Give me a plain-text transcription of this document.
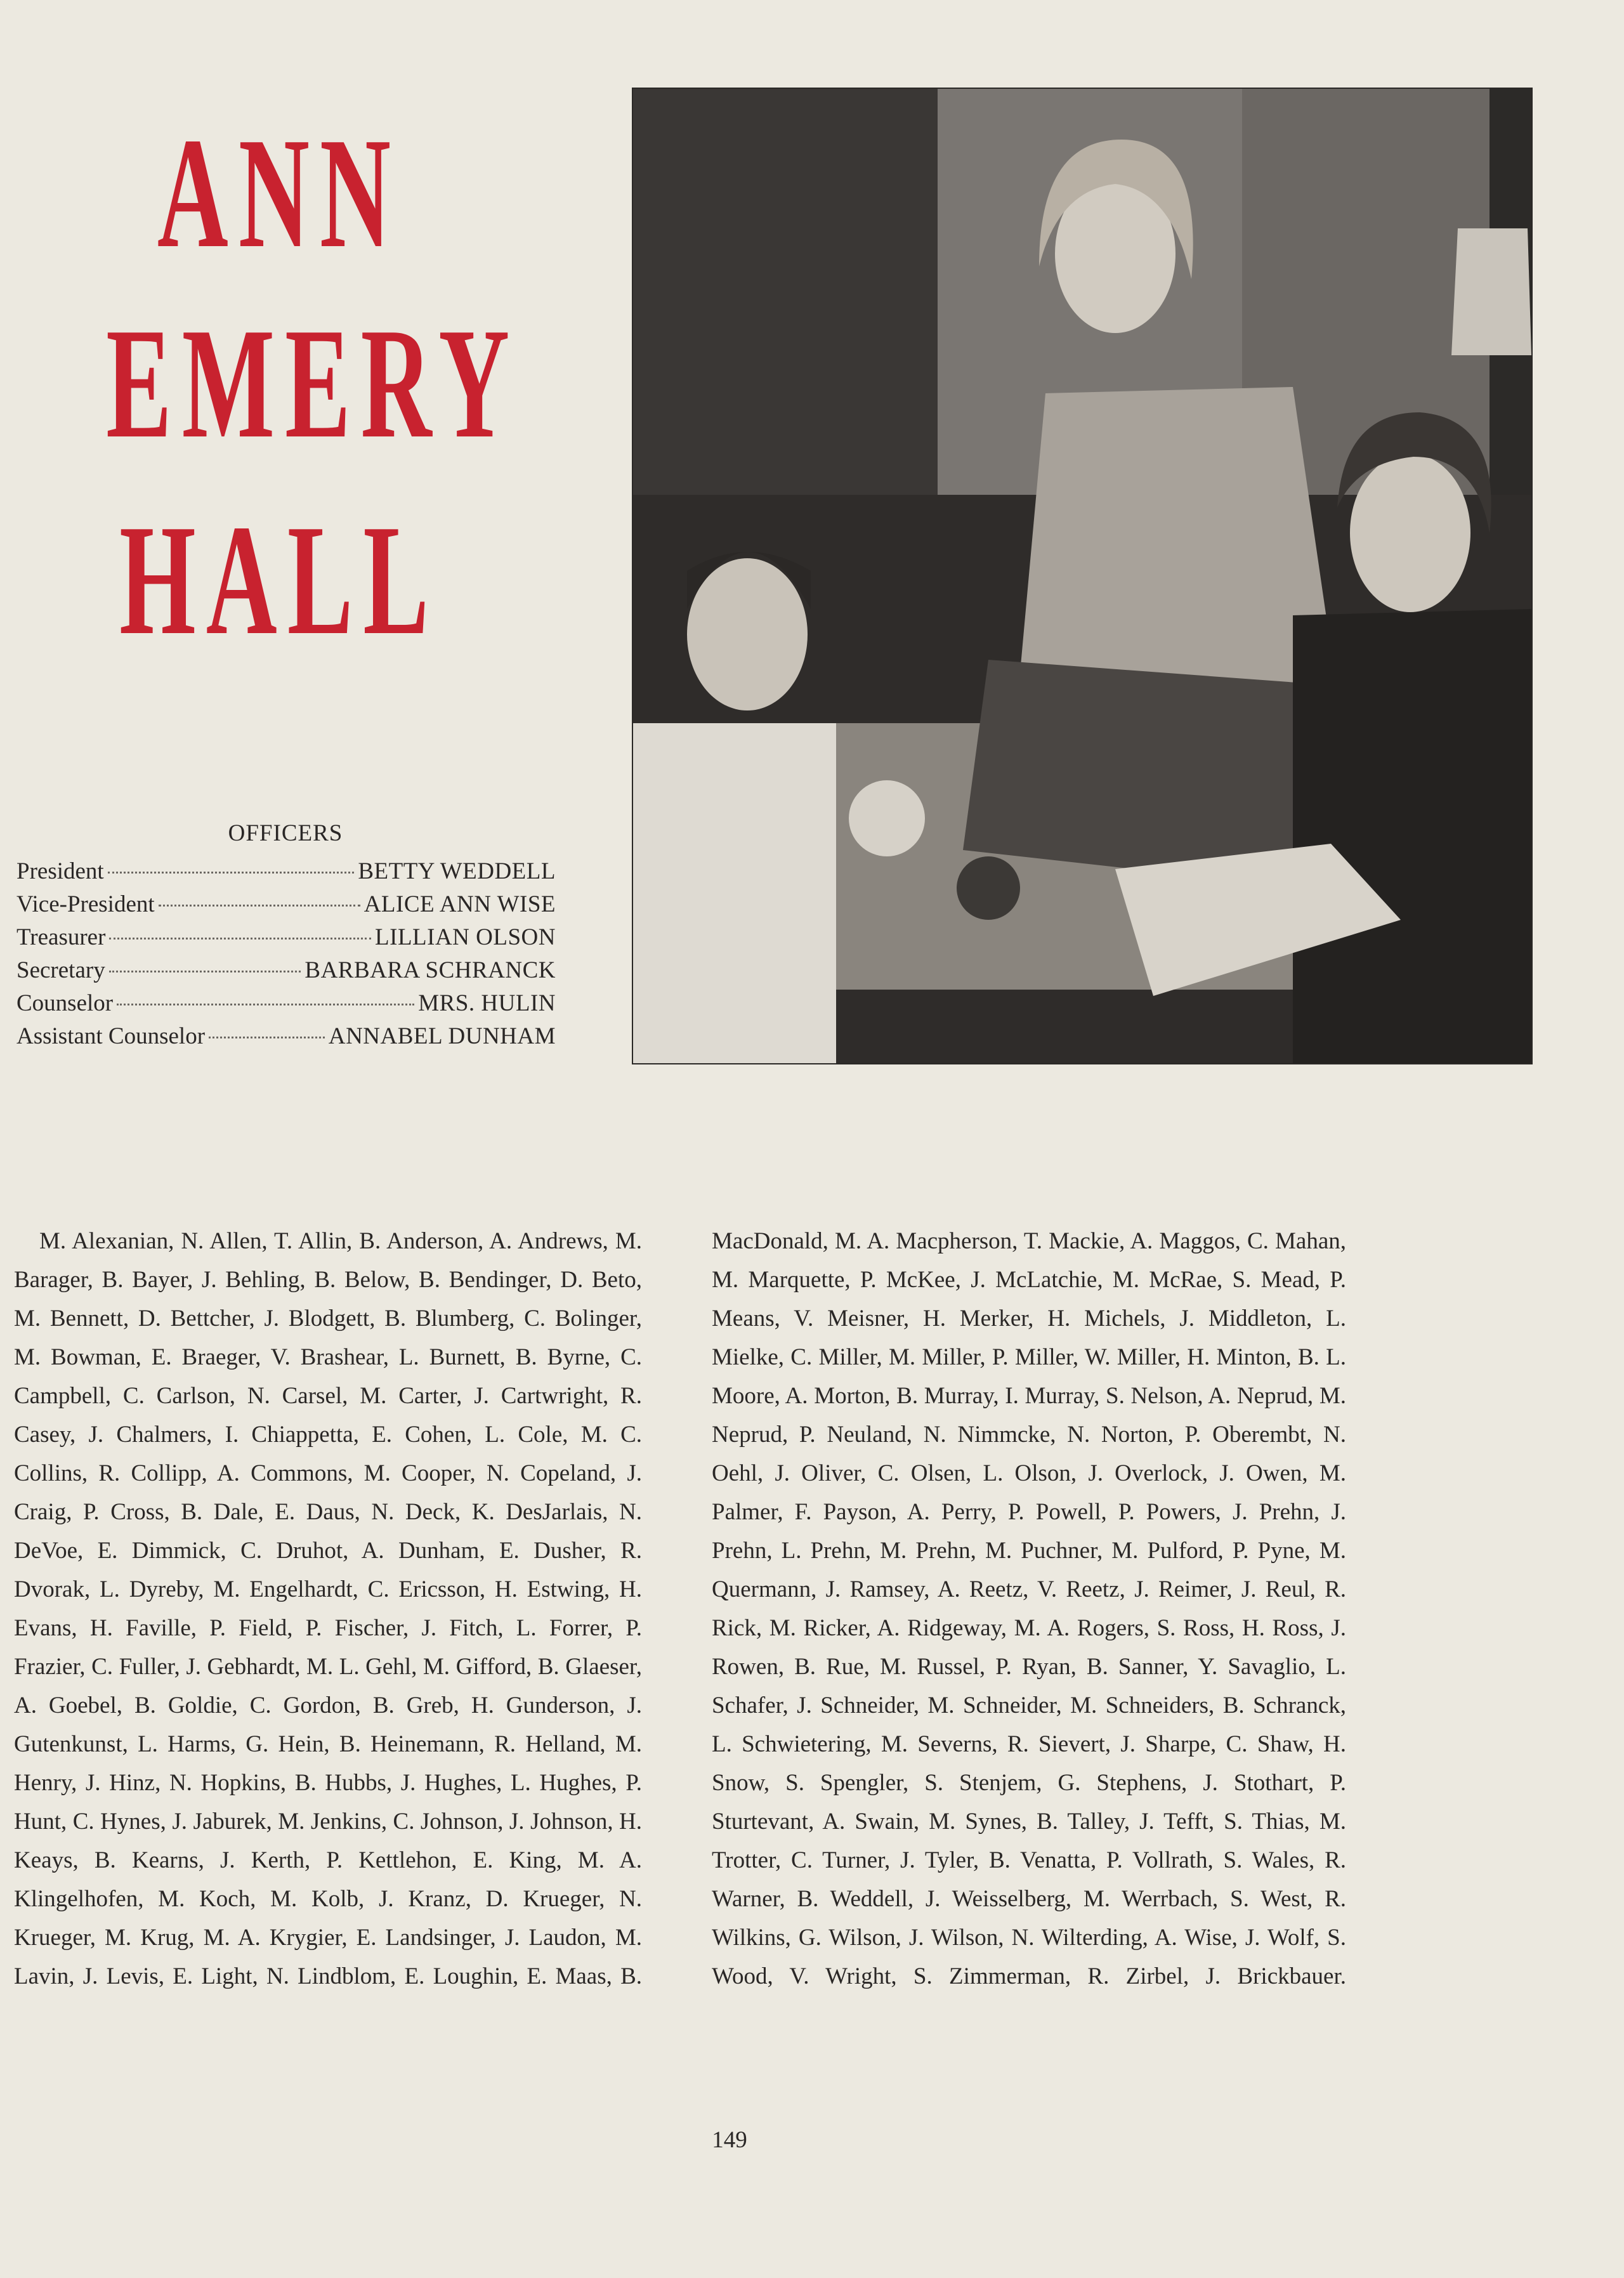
ANN
EMERY
HALL
OFFICERS
President	BETTY WEDDELL
Vice-President	ALICE ANN WISE
Treasurer	LILLIAN OLSON
Secretary	BARBARA SCHRANCK
Counselor	MRS. HULIN
Assistant Counselor	ANNABEL DUNHAM
M. Alexanian, N. Allen, T. Allin, B. Anderson, A. Andrews, M. Barager, B. Bayer, J. Behling, B. Below, B. Bendinger, D. Beto, M. Bennett, D. Bettcher, J. Blodgett, B. Blumberg, C. Bolinger, M. Bowman, E. Braeger, V. Brashear, L. Burnett, B. Byrne, C. Campbell, C. Carlson, N. Carsel, M. Carter, J. Cartwright, R. Casey, J. Chalmers, I. Chiappetta, E. Cohen, L. Cole, M. C. Collins, R. Collipp, A. Commons, M. Cooper, N. Copeland, J. Craig, P. Cross, B. Dale, E. Daus, N. Deck, K. DesJarlais, N. DeVoe, E. Dimmick, C. Druhot, A. Dunham, E. Dusher, R. Dvorak, L. Dyreby, M. Engelhardt, C. Ericsson, H. Estwing, H. Evans, H. Faville, P. Field, P. Fischer, J. Fitch, L. Forrer, P. Frazier, C. Fuller, J. Gebhardt, M. L. Gehl, M. Gifford, B. Glaeser, A. Goebel, B. Goldie, C. Gordon, B. Greb, H. Gunderson, J. Gutenkunst, L. Harms, G. Hein, B. Heinemann, R. Helland, M. Henry, J. Hinz, N. Hopkins, B. Hubbs, J. Hughes, L. Hughes, P. Hunt, C. Hynes, J. Jaburek, M. Jenkins, C. Johnson, J. Johnson, H. Keays, B. Kearns, J. Kerth, P. Kettlehon, E. King, M. A. Klingelhofen, M. Koch, M. Kolb, J. Kranz, D. Krueger, N. Krueger, M. Krug, M. A. Krygier, E. Landsinger, J. Laudon, M. Lavin, J. Levis, E. Light, N. Lindblom, E. Loughin, E. Maas, B.
MacDonald, M. A. Macpherson, T. Mackie, A. Maggos, C. Mahan, M. Marquette, P. McKee, J. McLatchie, M. McRae, S. Mead, P. Means, V. Meisner, H. Merker, H. Michels, J. Middleton, L. Mielke, C. Miller, M. Miller, P. Miller, W. Miller, H. Minton, B. L. Moore, A. Morton, B. Murray, I. Murray, S. Nelson, A. Neprud, M. Neprud, P. Neuland, N. Nimmcke, N. Norton, P. Oberembt, N. Oehl, J. Oliver, C. Olsen, L. Olson, J. Overlock, J. Owen, M. Palmer, F. Payson, A. Perry, P. Powell, P. Powers, J. Prehn, J. Prehn, L. Prehn, M. Prehn, M. Puchner, M. Pulford, P. Pyne, M. Quermann, J. Ramsey, A. Reetz, V. Reetz, J. Reimer, J. Reul, R. Rick, M. Ricker, A. Ridgeway, M. A. Rogers, S. Ross, H. Ross, J. Rowen, B. Rue, M. Russel, P. Ryan, B. Sanner, Y. Savaglio, L. Schafer, J. Schneider, M. Schneider, M. Schneiders, B. Schranck, L. Schwietering, M. Severns, R. Sievert, J. Sharpe, C. Shaw, H. Snow, S. Spengler, S. Stenjem, G. Stephens, J. Stothart, P. Sturtevant, A. Swain, M. Synes, B. Talley, J. Tefft, S. Thias, M. Trotter, C. Turner, J. Tyler, B. Venatta, P. Vollrath, S. Wales, R. Warner, B. Weddell, J. Weisselberg, M. Werrbach, S. West, R. Wilkins, G. Wilson, J. Wilson, N. Wilterding, A. Wise, J. Wolf, S. Wood, V. Wright, S. Zimmerman, R. Zirbel, J. Brickbauer.
149
